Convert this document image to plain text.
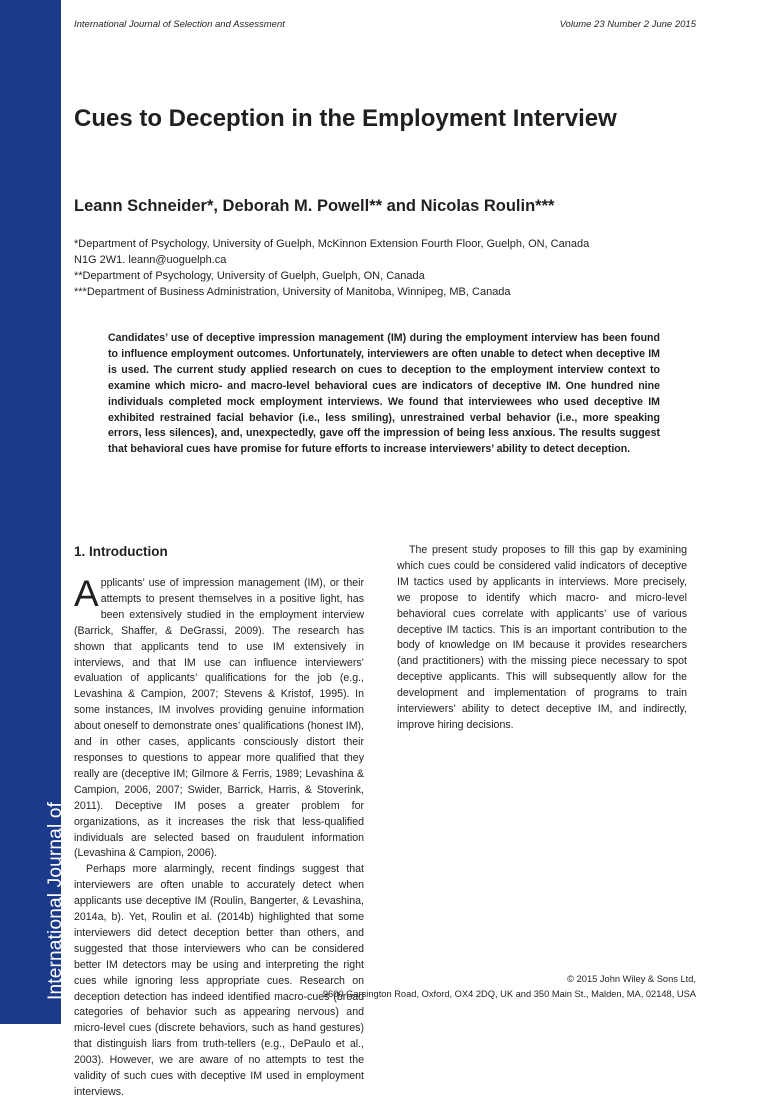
International Journal of Selection and Assessment
International Journal of Selection and Assessment	Volume 23 Number 2 June 2015
Cues to Deception in the Employment Interview
Leann Schneider*, Deborah M. Powell** and Nicolas Roulin***
*Department of Psychology, University of Guelph, McKinnon Extension Fourth Floor, Guelph, ON, Canada
N1G 2W1. leann@uoguelph.ca
**Department of Psychology, University of Guelph, Guelph, ON, Canada
***Department of Business Administration, University of Manitoba, Winnipeg, MB, Canada

Candidates’ use of deceptive impression management (IM) during the employment interview has been found to influence employment outcomes. Unfortunately, interviewers are often unable to detect when deceptive IM is used. The current study applied research on cues to deception to the employment interview context to examine which micro- and macro-level behavioral cues are indicators of deceptive IM. One hundred nine individuals completed mock employment interviews. We found that interviewees who used deceptive IM exhibited restrained facial behavior (i.e., less smiling), unrestrained verbal behavior (i.e., more speaking errors, less silences), and, unexpectedly, gave off the impression of being less anxious. The results suggest that behavioral cues have promise for future efforts to increase interviewers’ ability to detect deception.

1. Introduction

Applicants’ use of impression management (IM), or their attempts to present themselves in a positive light, has been extensively studied in the employment interview (Barrick, Shaffer, & DeGrassi, 2009). The research has shown that applicants tend to use IM extensively in interviews, and that IM use can influence interviewers’ evaluation of applicants’ qualifications for the job (e.g., Levashina & Campion, 2007; Stevens & Kristof, 1995). In some instances, IM involves providing genuine information about oneself to demonstrate ones’ qualifications (honest IM), and in other cases, applicants consciously distort their responses to questions to appear more qualified that they really are (deceptive IM; Gilmore & Ferris, 1989; Levashina & Campion, 2006, 2007; Swider, Barrick, Harris, & Stoverink, 2011). Deceptive IM poses a greater problem for organizations, as it increases the risk that less-qualified individuals are selected based on fraudulent information (Levashina & Campion, 2006).

Perhaps more alarmingly, recent findings suggest that interviewers are often unable to accurately detect when applicants use deceptive IM (Roulin, Bangerter, & Levashina, 2014a, b). Yet, Roulin et al. (2014b) highlighted that some interviewers did detect deception better than others, and suggested that those interviewers who can be considered better IM detectors may be using and interpreting the right cues while ignoring less appropriate cues. Research on deception detection has indeed identified macro-cues (broad categories of behavior such as appearing nervous) and micro-level cues (discrete behaviors, such as hand gestures) that distinguish liars from truth-tellers (e.g., DePaulo et al., 2003). However, we are aware of no attempts to test the validity of such cues with deceptive IM used in employment interviews.

The present study proposes to fill this gap by examining which cues could be considered valid indicators of deceptive IM tactics used by applicants in interviews. More precisely, we propose to identify which macro- and micro-level behavioral cues correlate with applicants’ use of various deceptive IM tactics. This is an important contribution to the body of knowledge on IM because it provides researchers (and practitioners) with the missing piece necessary to spot deceptive applicants. This will subsequently allow for the development and implementation of programs to train interviewers’ ability to detect deceptive IM, and indirectly, improve hiring decisions.

© 2015 John Wiley & Sons Ltd,
9600 Garsington Road, Oxford, OX4 2DQ, UK and 350 Main St., Malden, MA, 02148, USA
